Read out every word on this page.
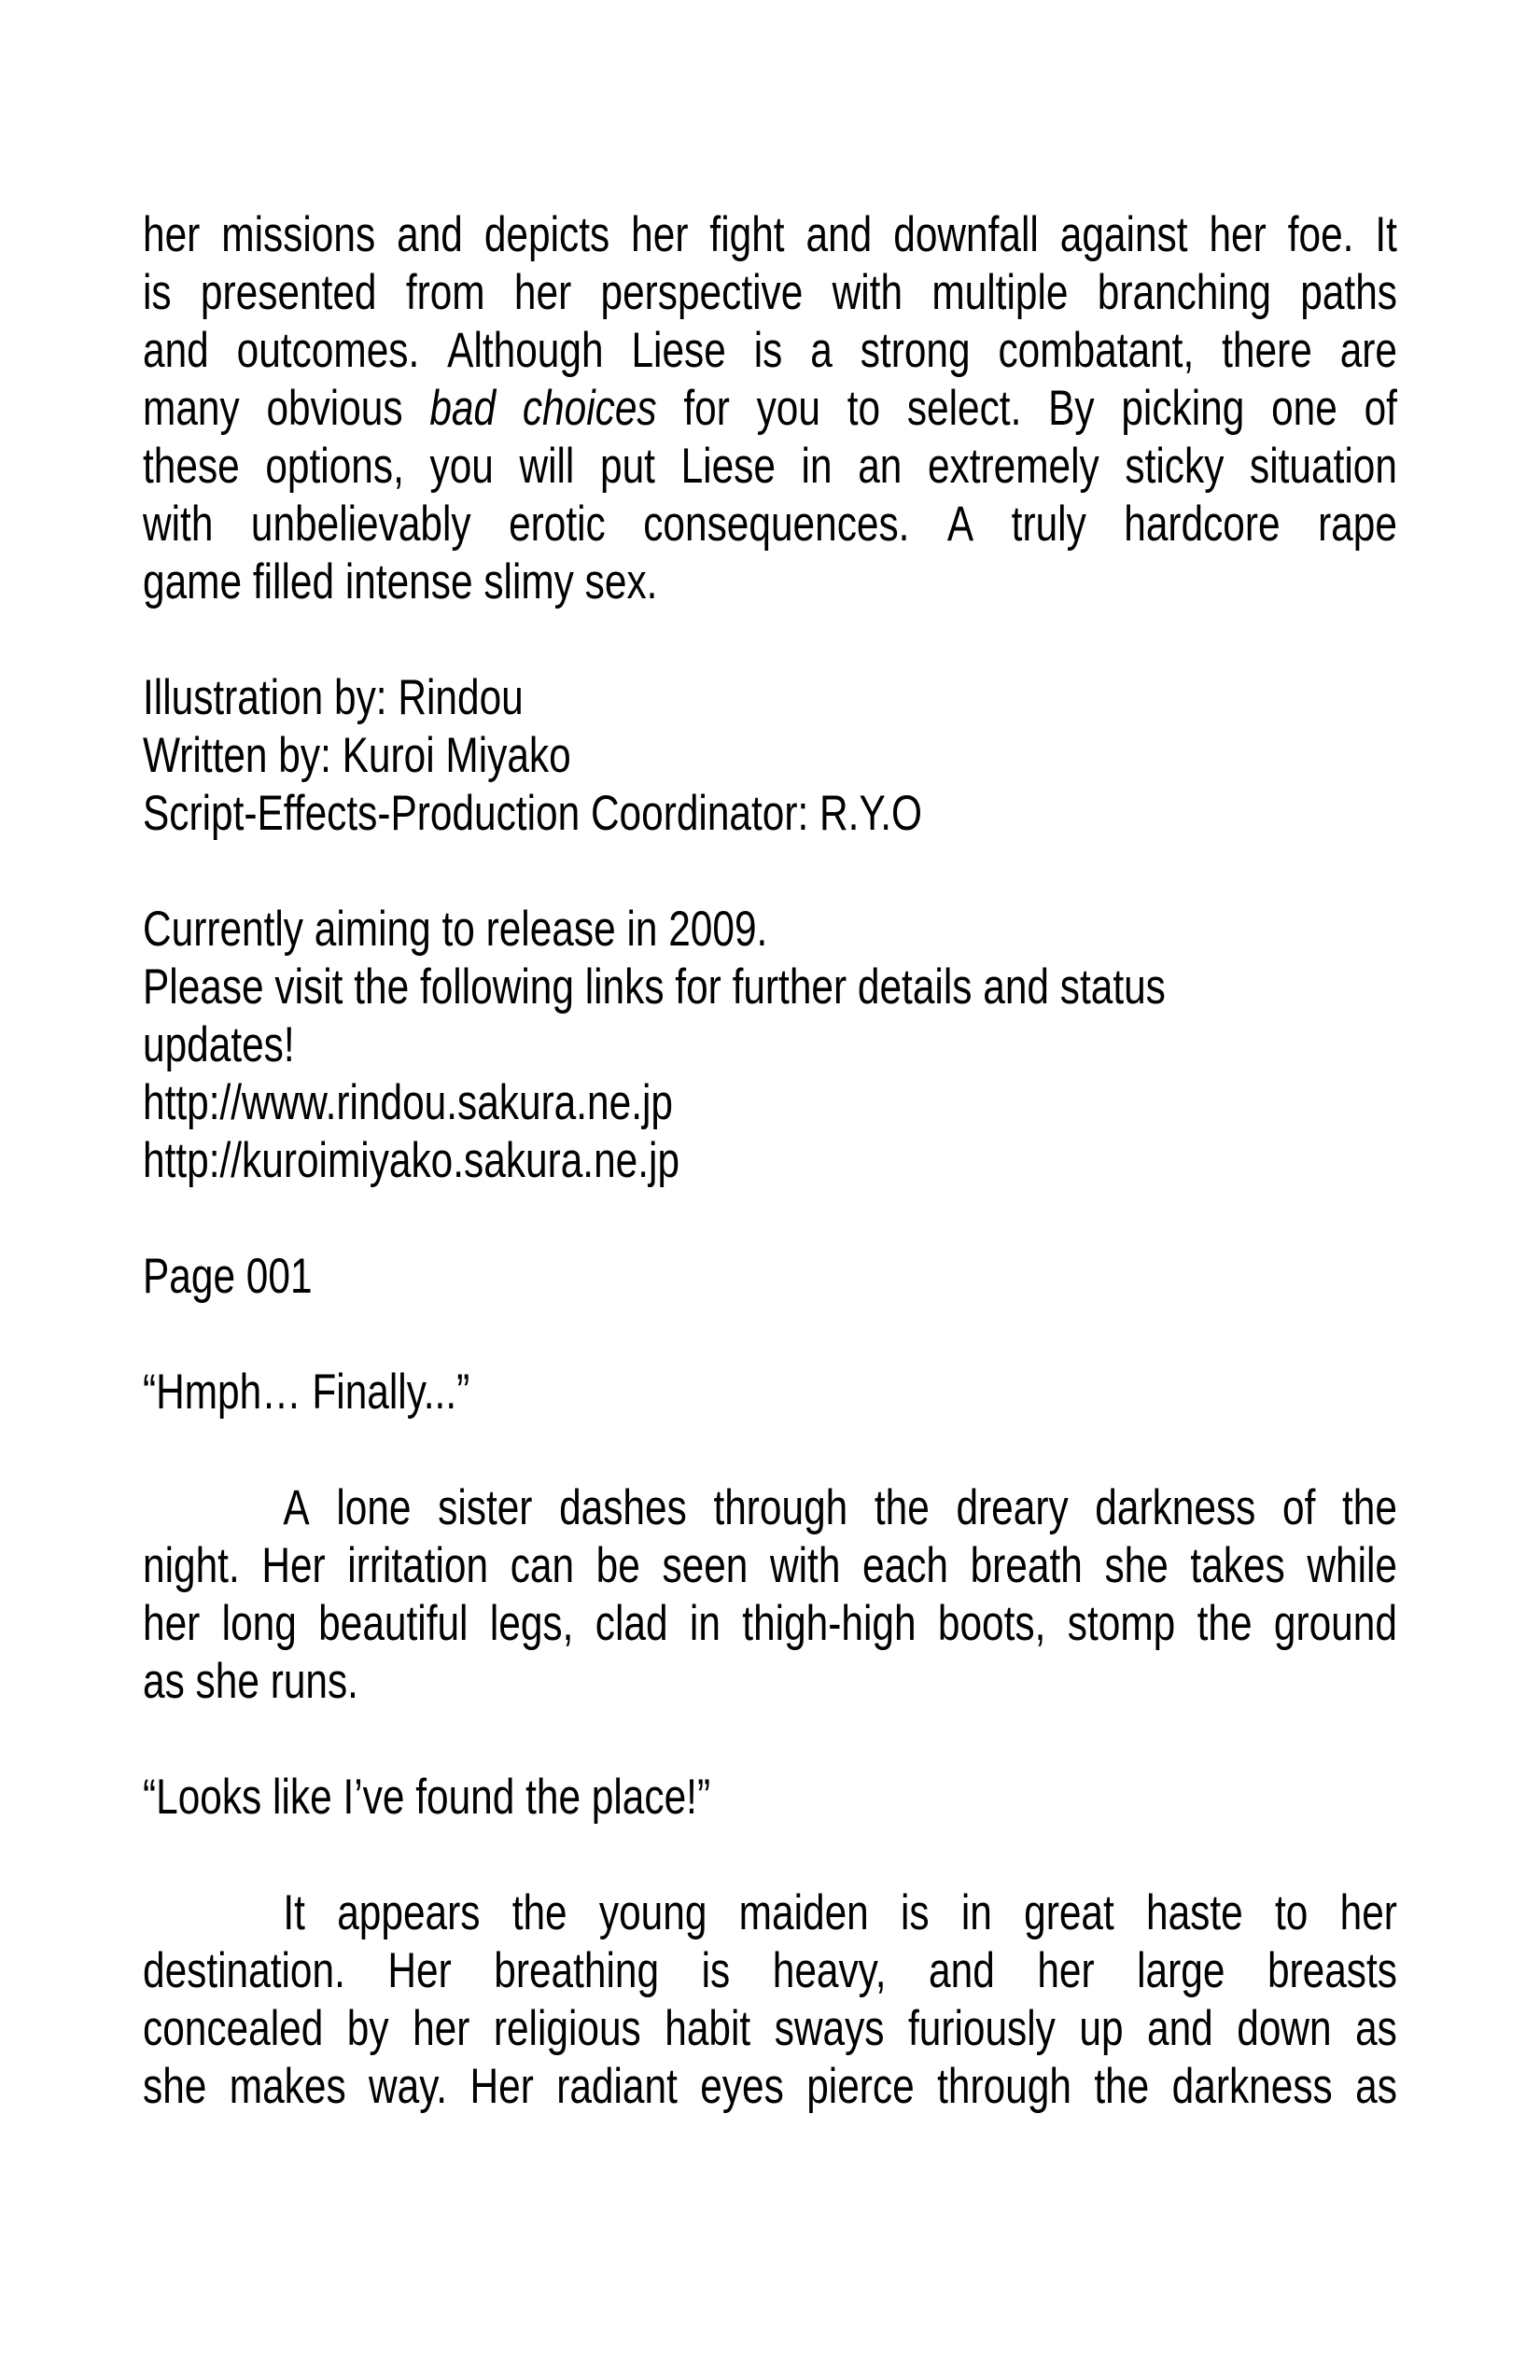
her missions and depicts her fight and downfall against her foe. It
is presented from her perspective with multiple branching paths
and outcomes. Although Liese is a strong combatant, there are
many obvious bad choices for you to select. By picking one of
these options, you will put Liese in an extremely sticky situation
with unbelievably erotic consequences. A truly hardcore rape
game filled intense slimy sex.
Illustration by: Rindou
Written by: Kuroi Miyako
Script-Effects-Production Coordinator: R.Y.O
Currently aiming to release in 2009.
Please visit the following links for further details and status
updates!
http://www.rindou.sakura.ne.jp
http://kuroimiyako.sakura.ne.jp
Page 001
“Hmph… Finally...”
A lone sister dashes through the dreary darkness of the
night. Her irritation can be seen with each breath she takes while
her long beautiful legs, clad in thigh-high boots, stomp the ground
as she runs.
“Looks like I’ve found the place!”
It appears the young maiden is in great haste to her
destination. Her breathing is heavy, and her large breasts
concealed by her religious habit sways furiously up and down as
she makes way. Her radiant eyes pierce through the darkness as
